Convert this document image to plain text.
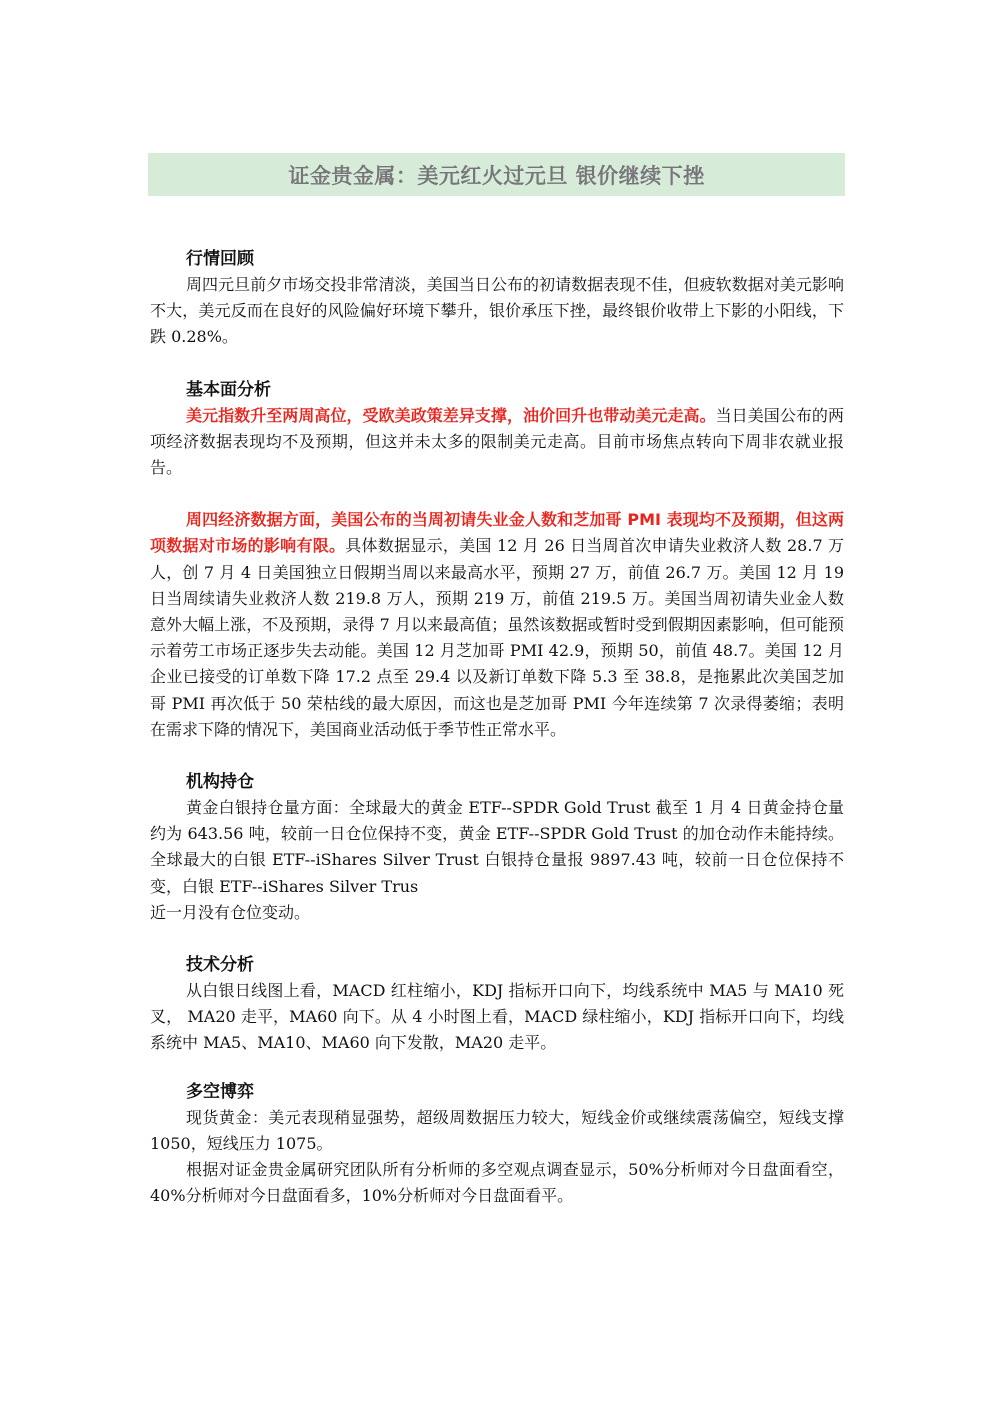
证金贵金属：美元红火过元旦 银价继续下挫
行情回顾

周四元旦前夕市场交投非常清淡，美国当日公布的初请数据表现不佳，但疲软数据对美元影响不大，美元反而在良好的风险偏好环境下攀升，银价承压下挫，最终银价收带上下影的小阳线，下跌 0.28%。

基本面分析

美元指数升至两周高位，受欧美政策差异支撑，油价回升也带动美元走高。当日美国公布的两项经济数据表现均不及预期，但这并未太多的限制美元走高。目前市场焦点转向下周非农就业报告。

周四经济数据方面，美国公布的当周初请失业金人数和芝加哥 PMI 表现均不及预期，但这两项数据对市场的影响有限。具体数据显示，美国 12 月 26 日当周首次申请失业救济人数 28.7 万人，创 7 月 4 日美国独立日假期当周以来最高水平，预期 27 万，前值 26.7 万。美国 12 月 19 日当周续请失业救济人数 219.8 万人，预期 219 万，前值 219.5 万。美国当周初请失业金人数意外大幅上涨，不及预期，录得 7 月以来最高值；虽然该数据或暂时受到假期因素影响，但可能预示着劳工市场正逐步失去动能。美国 12 月芝加哥 PMI 42.9，预期 50，前值 48.7。美国 12 月企业已接受的订单数下降 17.2 点至 29.4 以及新订单数下降 5.3 至 38.8，是拖累此次美国芝加哥 PMI 再次低于 50 荣枯线的最大原因，而这也是芝加哥 PMI 今年连续第 7 次录得萎缩；表明在需求下降的情况下，美国商业活动低于季节性正常水平。

机构持仓

黄金白银持仓量方面：全球最大的黄金 ETF--SPDR Gold Trust 截至 1 月 4 日黄金持仓量约为 643.56 吨，较前一日仓位保持不变，黄金 ETF--SPDR Gold Trust 的加仓动作未能持续。全球最大的白银 ETF--iShares Silver Trust 白银持仓量报 9897.43 吨，较前一日仓位保持不变，白银 ETF--iShares Silver Trus

近一月没有仓位变动。

技术分析

从白银日线图上看，MACD 红柱缩小，KDJ 指标开口向下，均线系统中 MA5 与 MA10 死叉， MA20 走平，MA60 向下。从 4 小时图上看，MACD 绿柱缩小，KDJ 指标开口向下，均线系统中 MA5、MA10、MA60 向下发散，MA20 走平。

多空博弈

现货黄金：美元表现稍显强势，超级周数据压力较大，短线金价或继续震荡偏空，短线支撑 1050，短线压力 1075。

根据对证金贵金属研究团队所有分析师的多空观点调查显示，50%分析师对今日盘面看空，40%分析师对今日盘面看多，10%分析师对今日盘面看平。
